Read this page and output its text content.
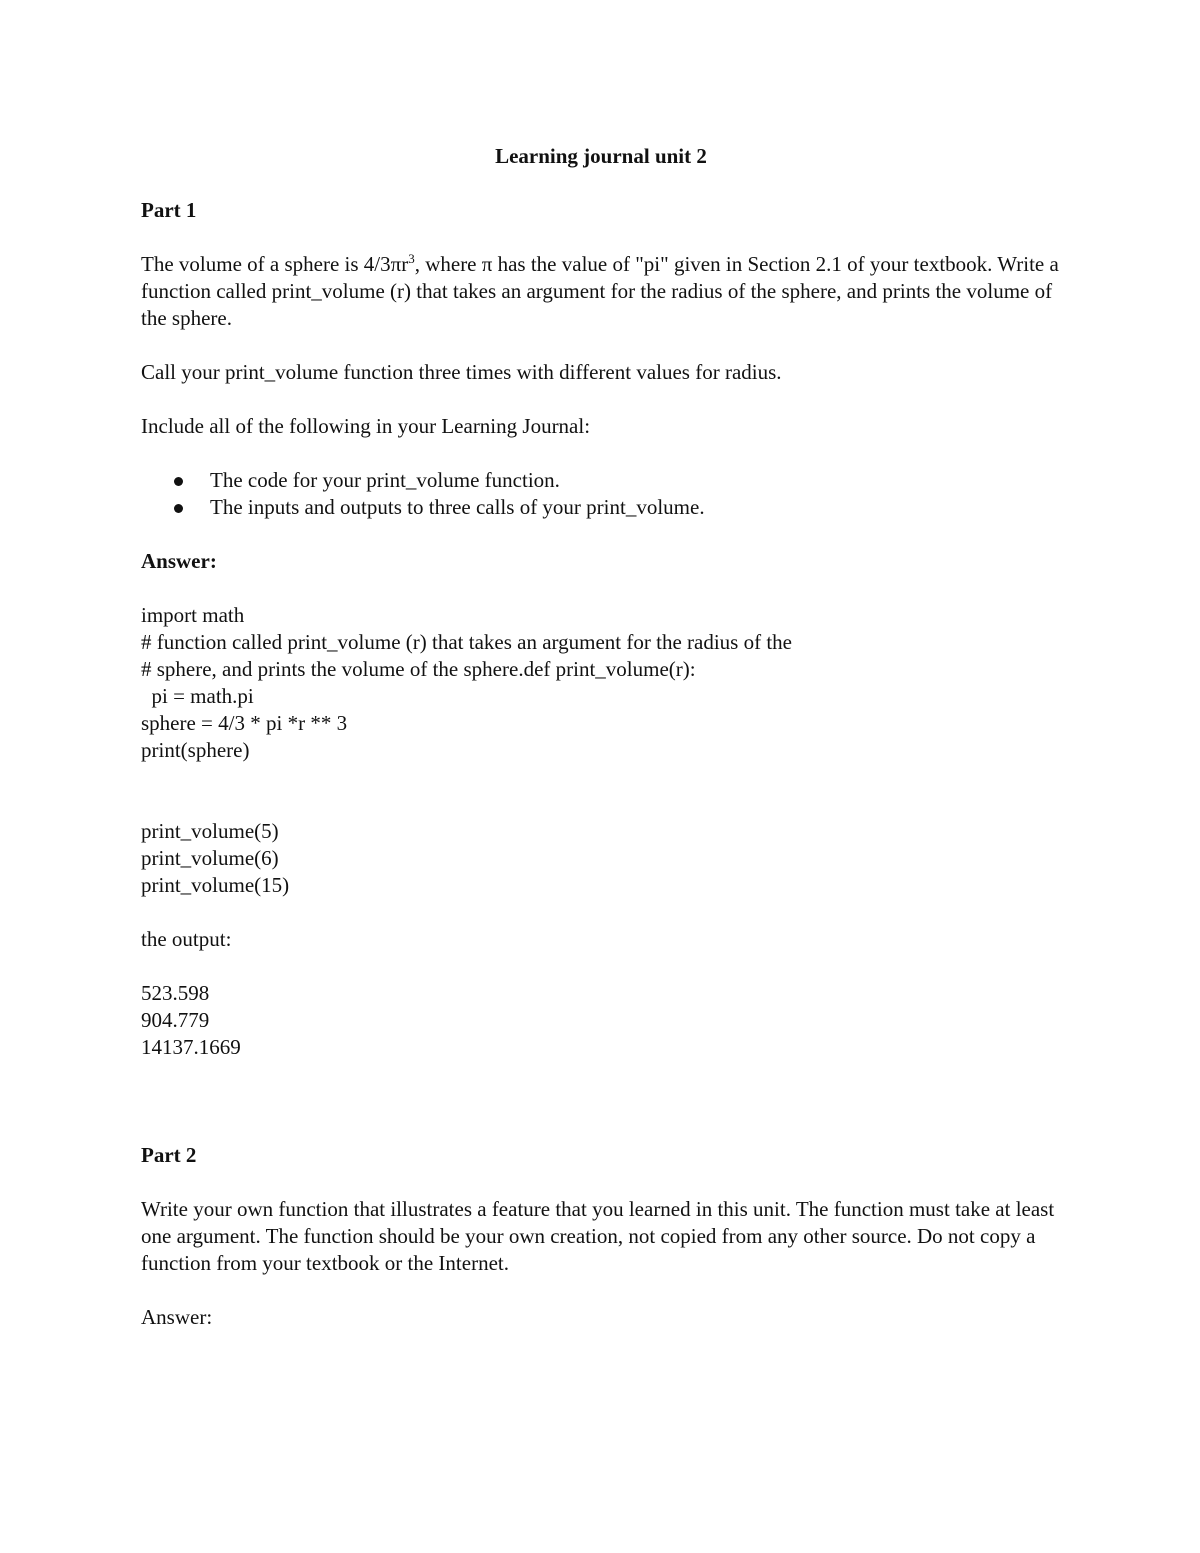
Learning journal unit 2
Part 1

The volume of a sphere is $4/3\pi r^3$, where π has the value of "pi" given in Section 2.1 of your textbook. Write a function called print_volume (r) that takes an argument for the radius of the sphere, and prints the volume of the sphere.

Call your print_volume function three times with different values for radius.

Include all of the following in your Learning Journal:

The code for your print_volume function.
The inputs and outputs to three calls of your print_volume.
Answer:
import math
# function called print_volume (r) that takes an argument for the radius of the
# sphere, and prints the volume of the sphere.def print_volume(r):
pi = math.pi
sphere = 4/3 * pi *r ** 3
print(sphere)
print_volume(5)
print_volume(6)
print_volume(15)

the output:

523.598
904.779
14137.1669
Part 2

Write your own function that illustrates a feature that you learned in this unit. The function must take at least one argument. The function should be your own creation, not copied from any other source. Do not copy a function from your textbook or the Internet.

Answer:
